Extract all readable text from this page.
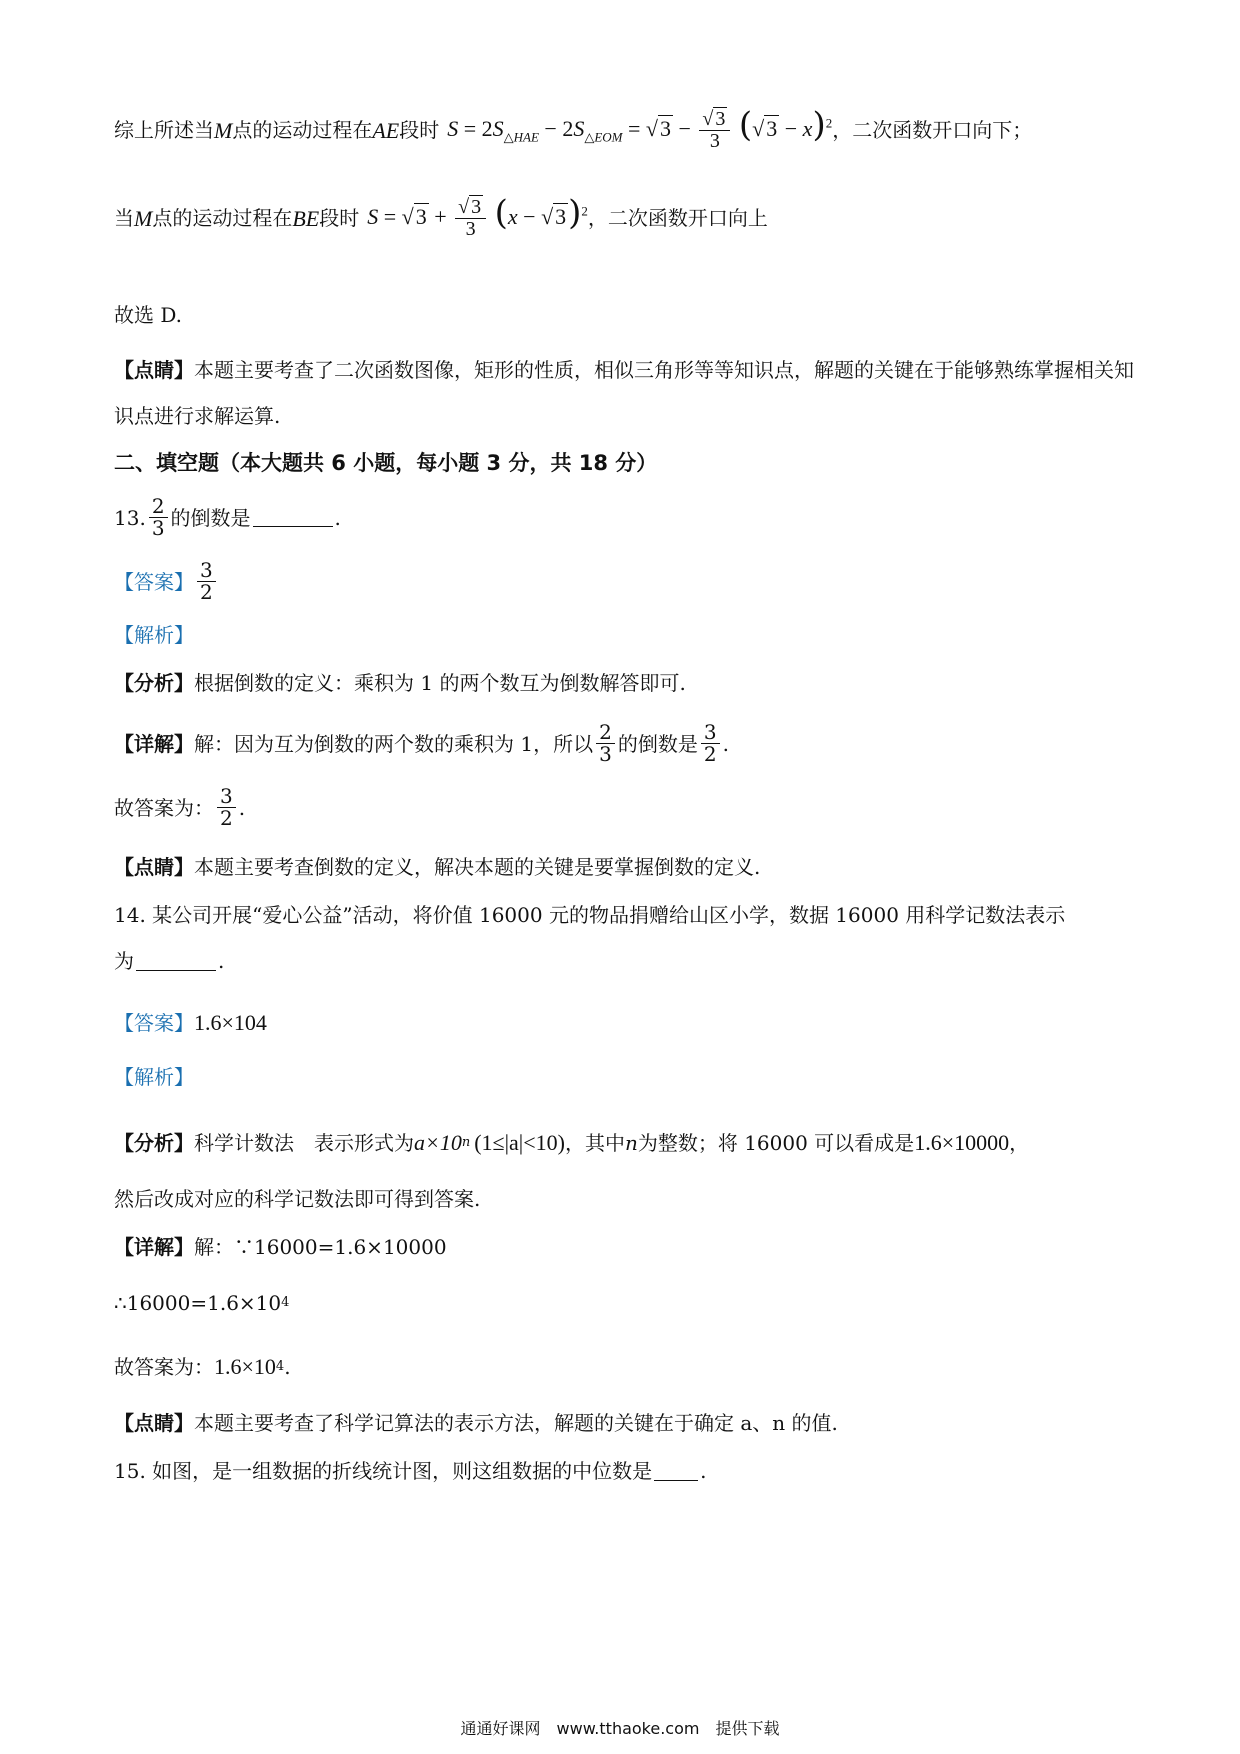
综上所述当 M 点的运动过程在 AE 段时 $S = 2S_{\triangle HAE} - 2S_{\triangle EOM} = √3 - \frac{√ 3}{3} (√3 - x)^2$ ，二次函数开口向下；
当 M 点的运动过程在 BE 段时 $S = √3 + \frac{√ 3}{3} (x - √3)^2$ ，二次函数开口向上
故选 D.
【点睛】本题主要考查了二次函数图像，矩形的性质，相似三角形等等知识点，解题的关键在于能够熟练掌握相关知识点进行求解运算.
二、填空题（本大题共 6 小题，每小题 3 分，共 18 分）
13. $\frac{2}{3}$ 的倒数是	.
【答案】 $\frac{3}{2}$
【解析】
【分析】 根据倒数的定义：乘积为 1 的两个数互为倒数解答即可.
【详解】 解：因为互为倒数的两个数的乘积为 1，所以 $\frac{2}{3}$ 的倒数是 $\frac{3}{2}$ .
故答案为： $\frac{3}{2}$ .
【点睛】 本题主要考查倒数的定义，解决本题的关键是要掌握倒数的定义.
14. 某公司开展“爱心公益”活动，将价值 16000 元的物品捐赠给山区小学，数据 16000 用科学记数法表示
为	.
【答案】 1.6×10 4
【解析】
【分析】 科学计数法　表示形式为 a×10 n (1≤|a|<10) ，其中 n 为整数；将 16000 可以看成是 1.6×10000 ，
然后改成对应的科学记数法即可得到答案.
【详解】 解：∵16000=1.6×10000
∴16000=1.6×10 4
故答案为： 1.6×10 4 .
【点睛】 本题主要考查了科学记算法的表示方法，解题的关键在于确定 a、n 的值.
15. 如图，是一组数据的折线统计图，则这组数据的中位数是 .
通通好课网　www.tthaoke.com　提供下载
